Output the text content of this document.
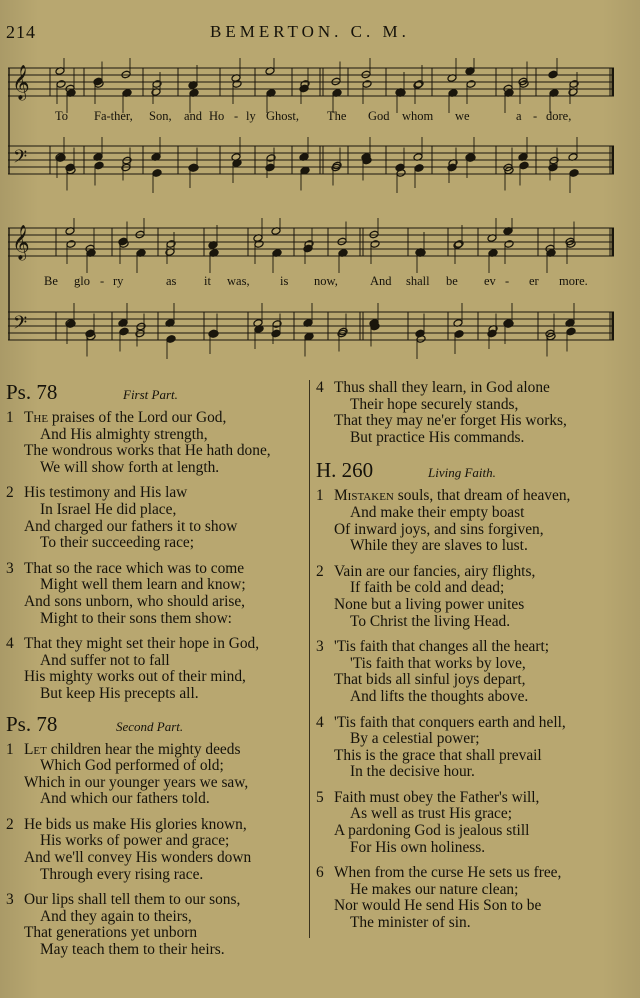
214	BEMERTON. C. M.
𝄞
𝄢
To Fa-ther, Son, and Ho - ly Ghost, The God whom we	a - dore,
𝄞
𝄢
Be glo - ry	as it was, is now,	And shall be ev - er more.
Ps. 78	First Part.
1 The praises of the Lord our God,
And His almighty strength,
The wondrous works that He hath done,
We will show forth at length.
2 His testimony and His law
In Israel He did place,
And charged our fathers it to show
To their succeeding race;
3 That so the race which was to come
Might well them learn and know;
And sons unborn, who should arise,
Might to their sons them show:
4 That they might set their hope in God,
And suffer not to fall
His mighty works out of their mind,
But keep His precepts all.
Ps. 78	Second Part.
1 Let children hear the mighty deeds
Which God performed of old;
Which in our younger years we saw,
And which our fathers told.
2 He bids us make His glories known,
His works of power and grace;
And we'll convey His wonders down
Through every rising race.
3 Our lips shall tell them to our sons,
And they again to theirs,
That generations yet unborn
May teach them to their heirs.
4 Thus shall they learn, in God alone
Their hope securely stands,
That they may ne'er forget His works,
But practice His commands.
H. 260	Living Faith.
1 Mistaken souls, that dream of heaven,
And make their empty boast
Of inward joys, and sins forgiven,
While they are slaves to lust.
2 Vain are our fancies, airy flights,
If faith be cold and dead;
None but a living power unites
To Christ the living Head.
3 'Tis faith that changes all the heart;
'Tis faith that works by love,
That bids all sinful joys depart,
And lifts the thoughts above.
4 'Tis faith that conquers earth and hell,
By a celestial power;
This is the grace that shall prevail
In the decisive hour.
5 Faith must obey the Father's will,
As well as trust His grace;
A pardoning God is jealous still
For His own holiness.
6 When from the curse He sets us free,
He makes our nature clean;
Nor would He send His Son to be
The minister of sin.
